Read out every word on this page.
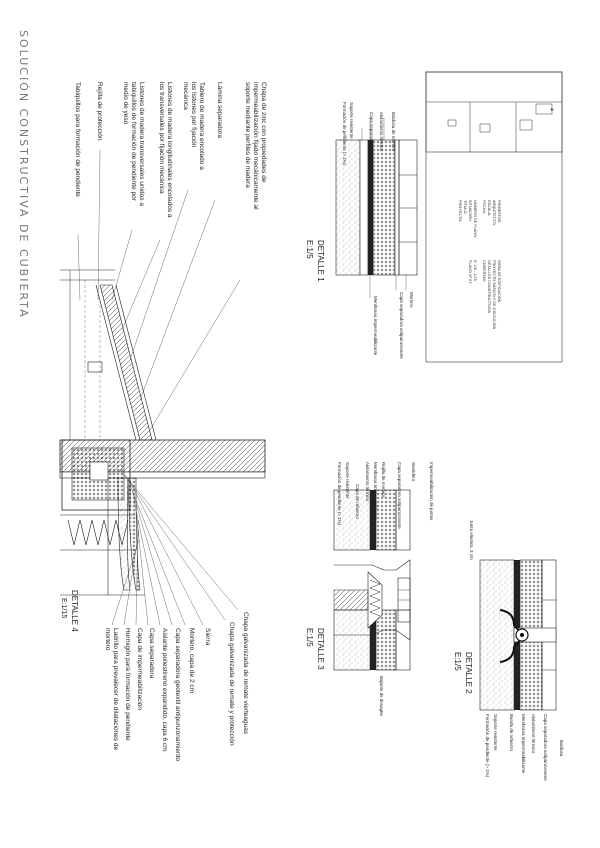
SOLUCIÓN CONSTRUCTIVA DE CUBIERTA	Chapa de zinc con propiedades de
impermeabilización fijado mecánicamente al
soporte mediante perfiles de madera
Lámina separadora
Tablero de madera encolado a
los listones por fijación
mecánica
Listones de madera longitudinales encolados a
los transversales por fijación mecánica
Listones de madera transversales unidos a
tabiquillos de formación de pendiente por
medio de yeso
Rejilla de protección
Tabiquillos para formación de pendiente
Chapa galvanizada de remate vierteaguas
Chapa galvanizada de remate y protección
Sierra
Mortero, capa de 2 cm
Capa separadora geotextil antipunzonamiento
Aislante poliestireno expandido, capa 6 cm
Capa separadora
Capa de impermeabilización
Hormigón para formación de pendiente
Ladrillo para prevalecer de dilataciones de
mortero
DETALLE 4
E:1/15
Baldosa de mortero
Aislamiento térmico
Capa separadora
Soporte resistente
Formación de pendiente (> 1%)
Membrana impermeabilizante	Capa separadora antipunzonante Mortero
DETALLE 1
E:1/5
4
PROMOTOR:
ARQUITECTO:
ESCALA:
FECHA:
NÚMERO DE PLANO:
SITUACIÓN:
TÍTULO:
PROYECTO:
OBRA DE EDIFICACIÓN
PROYECTO BÁSICO Y DE EJECUCIÓN
DETALLES CONSTRUCTIVOS
CUBIERTAS
E: 1/5 - 1/15
PLANO Nº 07
Sumidero
Capa separadora antipunzonante
Rejilla de mortero
Membrana impermeabilizante
Aislamiento térmico
Capa de refuerzo
Soporte resistente
Formación de pendiente (> 1%)
Bajante de desagüe
DETALLE 3
E:1/5
Baldosa
Capa separadora antipunzonante
Aislamiento térmico
Membrana impermeabilizante
Soporte resistente
Formación de pendiente (> 1%)	Banda de refuerzo
Junta elástica, 3 cm
Impermeabilización de juntas
DETALLE 2
E:1/5
